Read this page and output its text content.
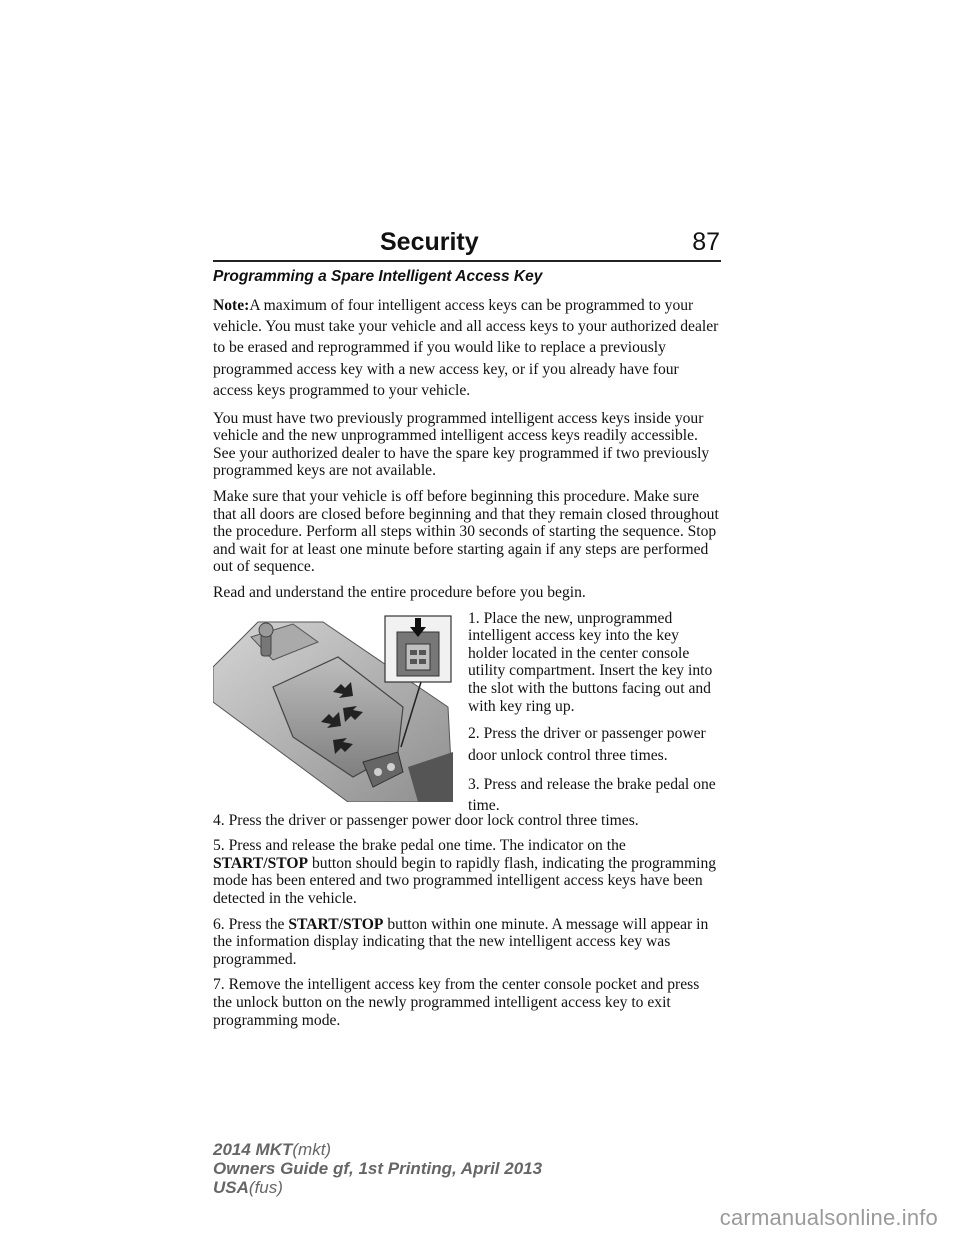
Security	87
Programming a Spare Intelligent Access Key

Note:A maximum of four intelligent access keys can be programmed to your vehicle. You must take your vehicle and all access keys to your authorized dealer to be erased and reprogrammed if you would like to replace a previously programmed access key with a new access key, or if you already have four access keys programmed to your vehicle.

You must have two previously programmed intelligent access keys inside your vehicle and the new unprogrammed intelligent access keys readily accessible. See your authorized dealer to have the spare key programmed if two previously programmed keys are not available.

Make sure that your vehicle is off before beginning this procedure. Make sure that all doors are closed before beginning and that they remain closed throughout the procedure. Perform all steps within 30 seconds of starting the sequence. Stop and wait for at least one minute before starting again if any steps are performed out of sequence.

Read and understand the entire procedure before you begin.

1. Place the new, unprogrammed intelligent access key into the key holder located in the center console utility compartment. Insert the key into the slot with the buttons facing out and with key ring up.

2. Press the driver or passenger power door unlock control three times.

3. Press and release the brake pedal one time.

4. Press the driver or passenger power door lock control three times.

5. Press and release the brake pedal one time. The indicator on the
START/STOP button should begin to rapidly flash, indicating the programming mode has been entered and two programmed intelligent access keys have been detected in the vehicle.

6. Press the START/STOP button within one minute. A message will appear in the information display indicating that the new intelligent access key was programmed.

7. Remove the intelligent access key from the center console pocket and press the unlock button on the newly programmed intelligent access key to exit programming mode.

2014 MKT(mkt)
Owners Guide gf, 1st Printing, April 2013
USA(fus)
carmanualsonline.info
